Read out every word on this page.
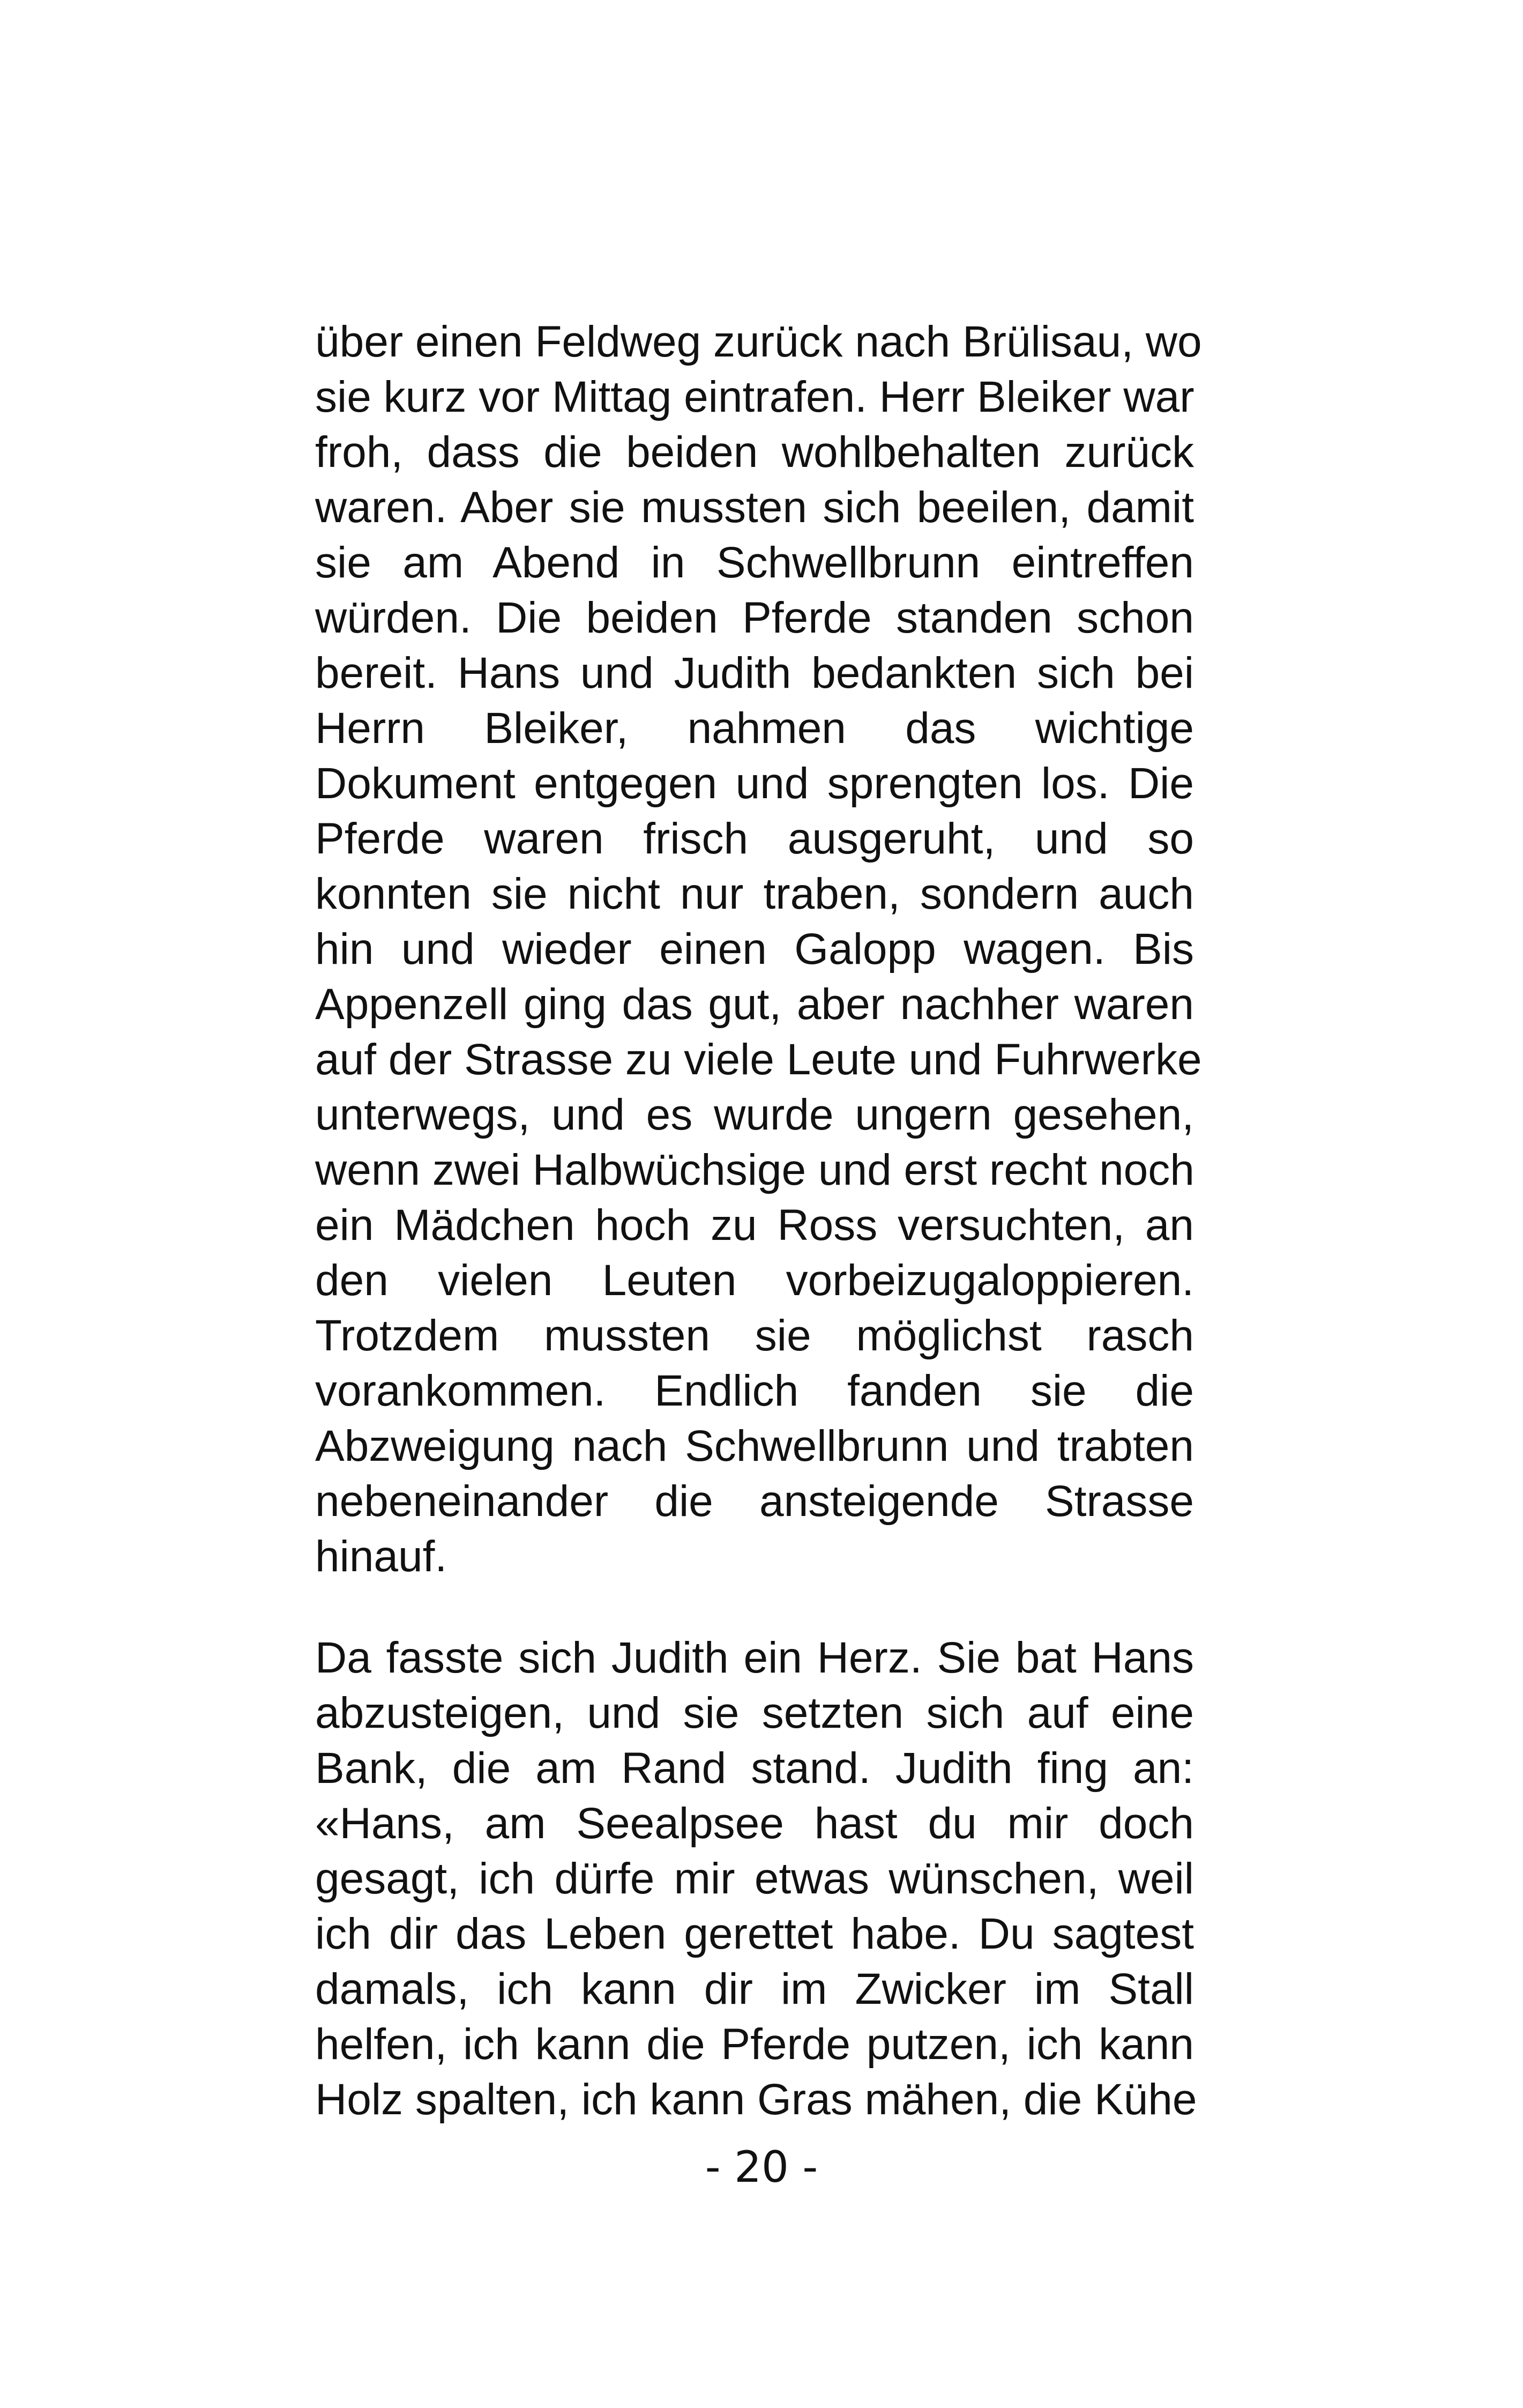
über einen Feldweg zurück nach Brülisau, wo
sie kurz vor Mittag eintrafen. Herr Bleiker war
froh, dass die beiden wohlbehalten zurück
waren. Aber sie mussten sich beeilen, damit
sie am Abend in Schwellbrunn eintreffen
würden. Die beiden Pferde standen schon
bereit. Hans und Judith bedankten sich bei
Herrn Bleiker, nahmen das wichtige
Dokument entgegen und sprengten los. Die
Pferde waren frisch ausgeruht, und so
konnten sie nicht nur traben, sondern auch
hin und wieder einen Galopp wagen. Bis
Appenzell ging das gut, aber nachher waren
auf der Strasse zu viele Leute und Fuhrwerke
unterwegs, und es wurde ungern gesehen,
wenn zwei Halbwüchsige und erst recht noch
ein Mädchen hoch zu Ross versuchten, an
den vielen Leuten vorbeizugaloppieren.
Trotzdem mussten sie möglichst rasch
vorankommen. Endlich fanden sie die
Abzweigung nach Schwellbrunn und trabten
nebeneinander die ansteigende Strasse
hinauf.
Da fasste sich Judith ein Herz. Sie bat Hans
abzusteigen, und sie setzten sich auf eine
Bank, die am Rand stand. Judith fing an:
«Hans, am Seealpsee hast du mir doch
gesagt, ich dürfe mir etwas wünschen, weil
ich dir das Leben gerettet habe. Du sagtest
damals, ich kann dir im Zwicker im Stall
helfen, ich kann die Pferde putzen, ich kann
Holz spalten, ich kann Gras mähen, die Kühe
- 20 -
